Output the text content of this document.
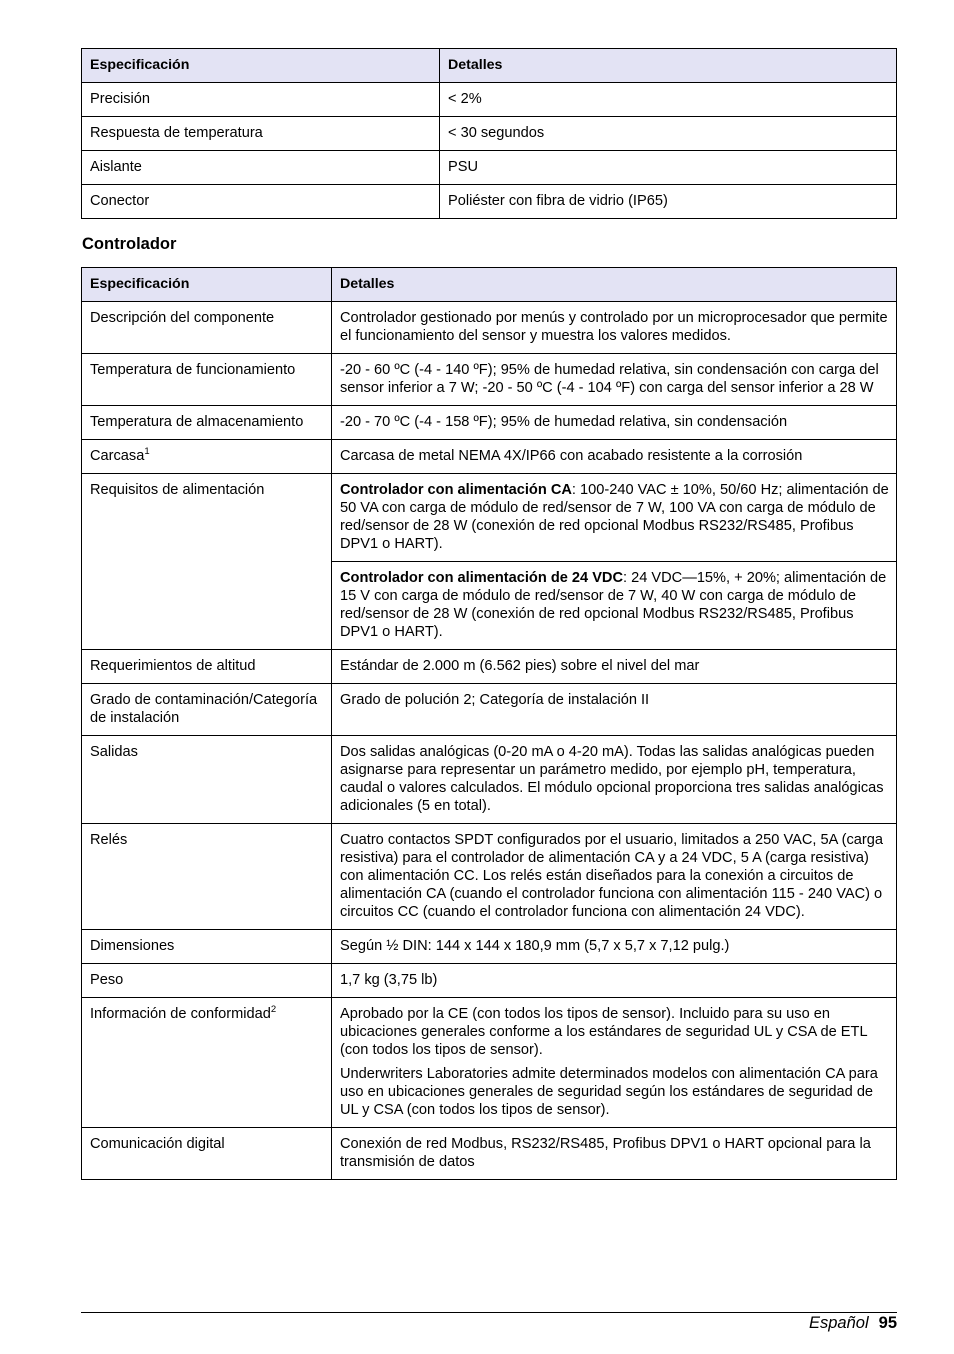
Especificación	Detalles
Precisión	< 2%
Respuesta de temperatura	< 30 segundos
Aislante	PSU
Conector	Poliéster con fibra de vidrio (IP65)
Controlador
Especificación	Detalles
Descripción del componente	Controlador gestionado por menús y controlado por un microprocesador que permite el funcionamiento del sensor y muestra los valores medidos.
Temperatura de funcionamiento	-20 - 60 ºC (-4 - 140 ºF); 95% de humedad relativa, sin condensación con carga del sensor inferior a 7 W; -20 - 50 ºC (-4 - 104 ºF) con carga del sensor inferior a 28 W
Temperatura de almacenamiento	-20 - 70 ºC (-4 - 158 ºF); 95% de humedad relativa, sin condensación
Carcasa$^1$	Carcasa de metal NEMA 4X/IP66 con acabado resistente a la corrosión
Requisitos de alimentación	Controlador con alimentación CA: 100-240 VAC ± 10%, 50/60 Hz; alimentación de 50 VA con carga de módulo de red/sensor de 7 W, 100 VA con carga de módulo de red/sensor de 28 W (conexión de red opcional Modbus RS232/RS485, Profibus DPV1 o HART).
	Controlador con alimentación de 24 VDC: 24 VDC—15%, + 20%; alimentación de 15 V con carga de módulo de red/sensor de 7 W, 40 W con carga de módulo de red/sensor de 28 W (conexión de red opcional Modbus RS232/RS485, Profibus DPV1 o HART).
Requerimientos de altitud	Estándar de 2.000 m (6.562 pies) sobre el nivel del mar
Grado de contaminación/Categoría de instalación	Grado de polución 2; Categoría de instalación II
Salidas	Dos salidas analógicas (0-20 mA o 4-20 mA). Todas las salidas analógicas pueden asignarse para representar un parámetro medido, por ejemplo pH, temperatura, caudal o valores calculados. El módulo opcional proporciona tres salidas analógicas adicionales (5 en total).
Relés	Cuatro contactos SPDT configurados por el usuario, limitados a 250 VAC, 5A (carga resistiva) para el controlador de alimentación CA y a 24 VDC, 5 A (carga resistiva) con alimentación CC. Los relés están diseñados para la conexión a circuitos de alimentación CA (cuando el controlador funciona con alimentación 115 - 240 VAC) o circuitos CC (cuando el controlador funciona con alimentación 24 VDC).
Dimensiones	Según ½ DIN: 144 x 144 x 180,9 mm (5,7 x 5,7 x 7,12 pulg.)
Peso	1,7 kg (3,75 lb)
Información de conformidad$^2$	Aprobado por la CE (con todos los tipos de sensor). Incluido para su uso en ubicaciones generales conforme a los estándares de seguridad UL y CSA de ETL (con todos los tipos de sensor).
Underwriters Laboratories admite determinados modelos con alimentación CA para uso en ubicaciones generales de seguridad según los estándares de seguridad de UL y CSA (con todos los tipos de sensor).

Comunicación digital	Conexión de red Modbus, RS232/RS485, Profibus DPV1 o HART opcional para la transmisión de datos
Español 95
